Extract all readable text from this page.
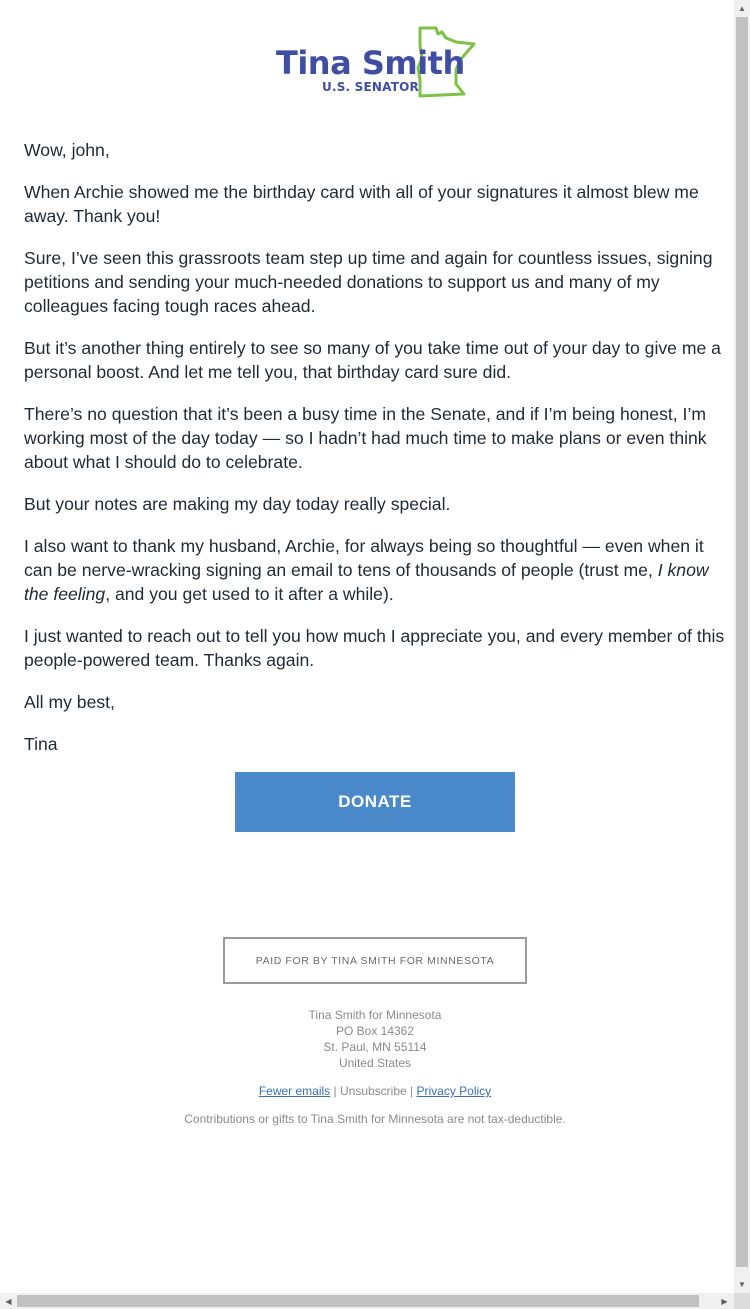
Tina Smith
U.S. SENATOR

Wow, john,

When Archie showed me the birthday card with all of your signatures it almost blew me away. Thank you!

Sure, I’ve seen this grassroots team step up time and again for countless issues, signing petitions and sending your much-needed donations to support us and many of my colleagues facing tough races ahead.

But it’s another thing entirely to see so many of you take time out of your day to give me a personal boost. And let me tell you, that birthday card sure did.

There’s no question that it’s been a busy time in the Senate, and if I’m being honest, I’m working most of the day today — so I hadn’t had much time to make plans or even think about what I should do to celebrate.

But your notes are making my day today really special.

I also want to thank my husband, Archie, for always being so thoughtful — even when it can be nerve-wracking signing an email to tens of thousands of people (trust me, I know the feeling, and you get used to it after a while).

I just wanted to reach out to tell you how much I appreciate you, and every member of this people-powered team. Thanks again.

All my best,

Tina

DONATE
PAID FOR BY TINA SMITH FOR MINNESOTA
Tina Smith for Minnesota
PO Box 14362
St. Paul, MN 55114
United States
Fewer emails | Unsubscribe | Privacy Policy
Contributions or gifts to Tina Smith for Minnesota are not tax-deductible.
▲
▼
◀	▶
